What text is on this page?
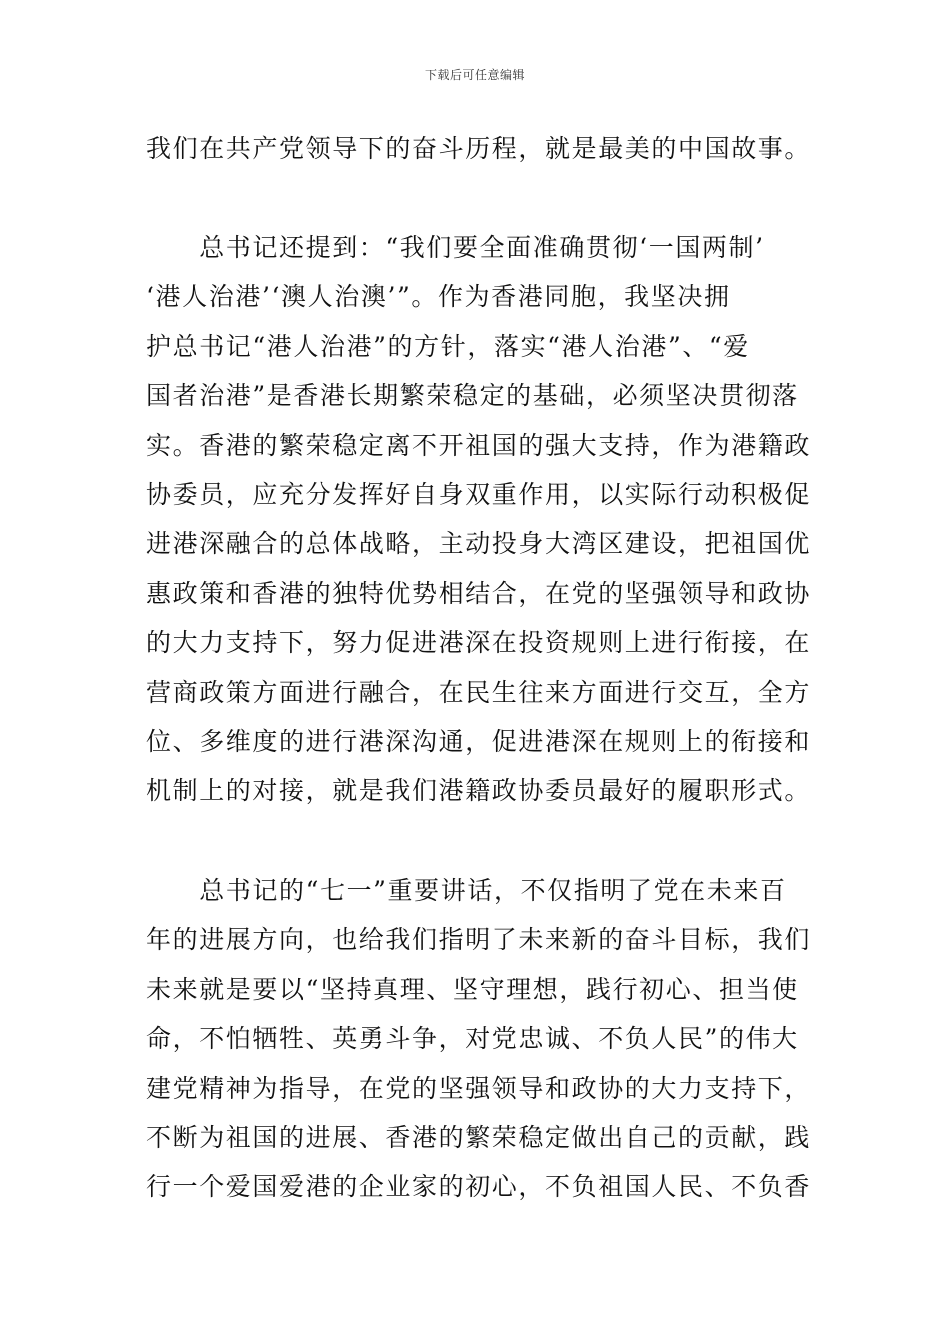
下载后可任意编辑

我们在共产党领导下的奋斗历程，就是最美的中国故事。

　　总书记还提到：“我们要全面准确贯彻‘一国两制’
‘港人治港’‘澳人治澳’”。作为香港同胞，我坚决拥
护总书记“港人治港”的方针，落实“港人治港”、“爱
国者治港”是香港长期繁荣稳定的基础，必须坚决贯彻落
实。香港的繁荣稳定离不开祖国的强大支持，作为港籍政
协委员，应充分发挥好自身双重作用，以实际行动积极促
进港深融合的总体战略，主动投身大湾区建设，把祖国优
惠政策和香港的独特优势相结合，在党的坚强领导和政协
的大力支持下，努力促进港深在投资规则上进行衔接，在
营商政策方面进行融合，在民生往来方面进行交互，全方
位、多维度的进行港深沟通，促进港深在规则上的衔接和
机制上的对接，就是我们港籍政协委员最好的履职形式。

　　总书记的“七一”重要讲话，不仅指明了党在未来百
年的进展方向，也给我们指明了未来新的奋斗目标，我们
未来就是要以“坚持真理、坚守理想，践行初心、担当使
命，不怕牺牲、英勇斗争，对党忠诚、不负人民”的伟大
建党精神为指导，在党的坚强领导和政协的大力支持下，
不断为祖国的进展、香港的繁荣稳定做出自己的贡献，践
行一个爱国爱港的企业家的初心，不负祖国人民、不负香
